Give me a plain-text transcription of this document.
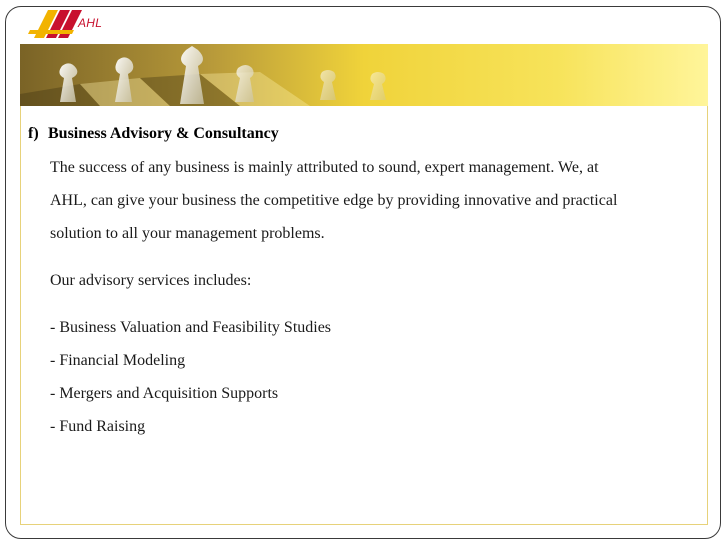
AHL
f) Business Advisory & Consultancy
The success of any business is mainly attributed to sound, expert management. We, at
AHL, can give your business the competitive edge by providing innovative and practical
solution to all your management problems.
Our advisory services includes:
- Business Valuation and Feasibility Studies
- Financial Modeling
- Mergers and Acquisition Supports
- Fund Raising
